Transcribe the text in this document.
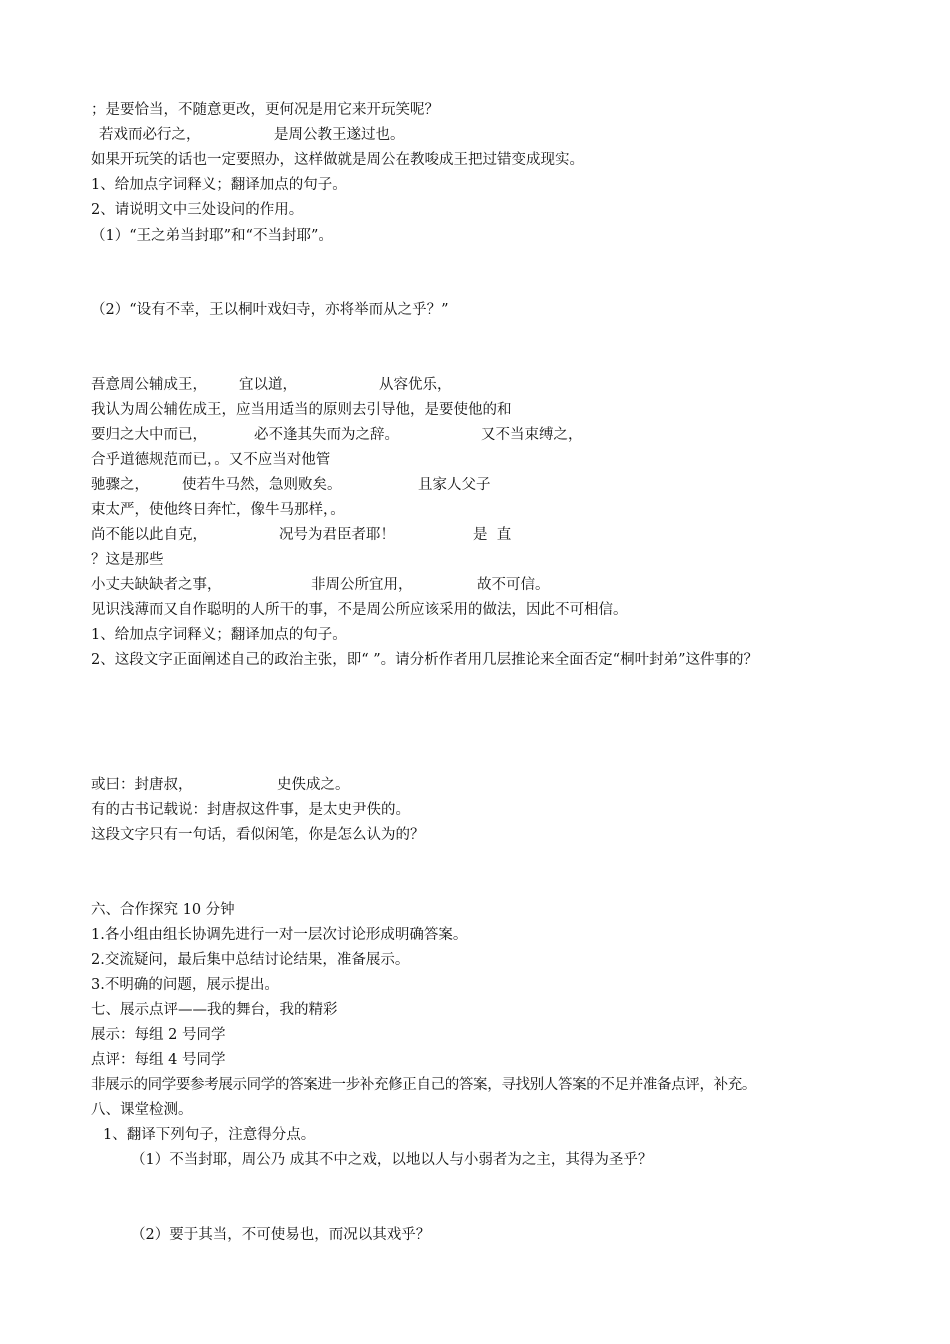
；是要恰当，不随意更改，更何况是用它来开玩笑呢？
若戏而必行之，	是周公教王遂过也。
如果开玩笑的话也一定要照办，这样做就是周公在教唆成王把过错变成现实。
1、给加点字词释义；翻译加点的句子。
2、请说明文中三处设问的作用。
（1）“王之弟当封耶”和“不当封耶”。
（2）“设有不幸，王以桐叶戏妇寺，亦将举而从之乎？”
吾意周公辅成王， 宜以道，	从容优乐，
我认为周公辅佐成王，应当用适当的原则去引导他，是要使他的和
要归之大中而已，	必不逢其失而为之辞。	又不当束缚之，
合乎道德规范而已，。又不应当对他管
驰骤之， 使若牛马然，急则败矣。	且家人父子
束太严，使他终日奔忙，像牛马那样，。
尚不能以此自克，	况号为君臣者耶！	是  直
？这是那些
小丈夫缺缺者之事，	非周公所宜用，	故不可信。
见识浅薄而又自作聪明的人所干的事，不是周公所应该采用的做法，因此不可相信。
1、给加点字词释义；翻译加点的句子。
2、这段文字正面阐述自己的政治主张，即“ ”。请分析作者用几层推论来全面否定“桐叶封弟”这件事的？
或曰：封唐叔，	史佚成之。
有的古书记载说：封唐叔这件事，是太史尹佚的。
这段文字只有一句话，看似闲笔，你是怎么认为的？
六、合作探究 10 分钟
1.各小组由组长协调先进行一对一层次讨论形成明确答案。
2.交流疑问，最后集中总结讨论结果，准备展示。
3.不明确的问题，展示提出。
七、展示点评——我的舞台，我的精彩
展示：每组 2 号同学
点评：每组 4 号同学
非展示的同学要参考展示同学的答案进一步补充修正自己的答案，寻找别人答案的不足并准备点评，补充。
八、课堂检测。
1、翻译下列句子，注意得分点。
（1）不当封耶，周公乃 成其不中之戏，以地以人与小弱者为之主，其得为圣乎？
（2）要于其当，不可使易也，而况以其戏乎？
